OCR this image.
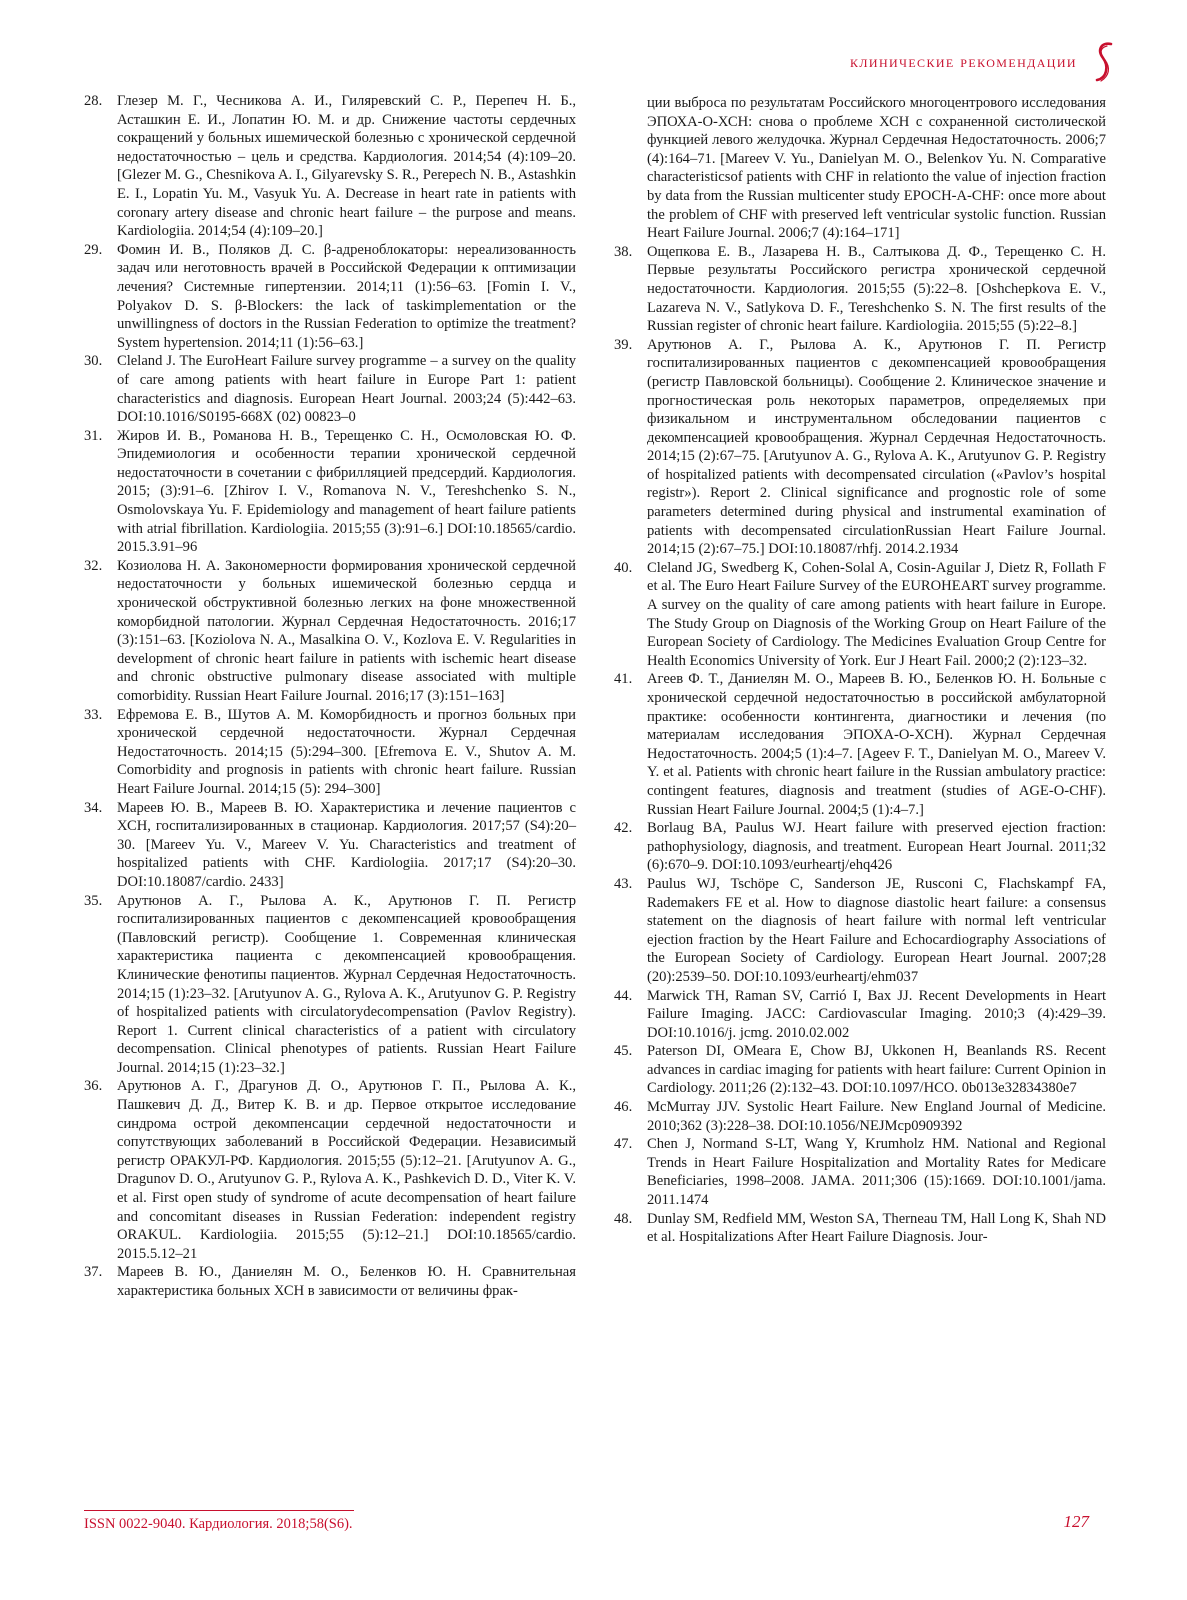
клинические рекомендации
28.	Глезер М. Г., Чесникова А. И., Гиляревский С. Р., Перепеч Н. Б., Асташкин Е. И., Лопатин Ю. М. и др. Снижение частоты сердечных сокращений у больных ишемической болезнью с хронической сердечной недостаточностью – цель и средства. Кардиология. 2014;54 (4):109–20. [Glezer M. G., Chesnikova A. I., Gilyarevsky S. R., Perepech N. B., Astashkin E. I., Lopatin Yu. M., Vasyuk Yu. A. Decrease in heart rate in patients with coronary artery disease and chronic heart failure – the purpose and means. Kardiologiia. 2014;54 (4):109–20.]
29.	Фомин И. В., Поляков Д. С. β-адреноблокаторы: нереализованность задач или неготовность врачей в Российской Федерации к оптимизации лечения? Системные гипертензии. 2014;11 (1):56–63. [Fomin I. V., Polyakov D. S. β-Blockers: the lack of taskimplementation or the unwillingness of doctors in the Russian Federation to optimize the treatment? System hypertension. 2014;11 (1):56–63.]
30.	Cleland J. The EuroHeart Failure survey programme – a survey on the quality of care among patients with heart failure in Europe Part 1: patient characteristics and diagnosis. European Heart Journal. 2003;24 (5):442–63. DOI:10.1016/S0195-668X (02) 00823–0
31.	Жиров И. В., Романова Н. В., Терещенко С. Н., Осмоловская Ю. Ф. Эпидемиология и особенности терапии хронической сердечной недостаточности в сочетании с фибрилляцией предсердий. Кардиология. 2015; (3):91–6. [Zhirov I. V., Romanova N. V., Tereshchenko S. N., Osmolovskaya Yu. F. Epidemiology and management of heart failure patients with atrial fibrillation. Kardiologiia. 2015;55 (3):91–6.] DOI:10.18565/cardio. 2015.3.91–96
32.	Козиолова Н. А. Закономерности формирования хронической сердечной недостаточности у больных ишемической болезнью сердца и хронической обструктивной болезнью легких на фоне множественной коморбидной патологии. Журнал Сердечная Недостаточность. 2016;17 (3):151–63. [Koziolova N. A., Masalkina O. V., Kozlova E. V. Regularities in development of chronic heart failure in patients with ischemic heart disease and chronic obstructive pulmonary disease associated with multiple comorbidity. Russian Heart Failure Journal. 2016;17 (3):151–163]
33.	Ефремова Е. В., Шутов А. М. Коморбидность и прогноз больных при хронической сердечной недостаточности. Журнал Сердечная Недостаточность. 2014;15 (5):294–300. [Efremova E. V., Shutov A. M. Comorbidity and prognosis in patients with chronic heart failure. Russian Heart Failure Journal. 2014;15 (5): 294–300]
34.	Мареев Ю. В., Мареев В. Ю. Характеристика и лечение пациентов с ХСН, госпитализированных в стационар. Кардиология. 2017;57 (S4):20–30. [Mareev Yu. V., Mareev V. Yu. Characteristics and treatment of hospitalized patients with CHF. Kardiologiia. 2017;17 (S4):20–30. DOI:10.18087/cardio. 2433]
35.	Арутюнов А. Г., Рылова А. К., Арутюнов Г. П. Регистр госпитализированных пациентов с декомпенсацией кровообращения (Павловский регистр). Сообщение 1. Современная клиническая характеристика пациента с декомпенсацией кровообращения. Клинические фенотипы пациентов. Журнал Сердечная Недостаточность. 2014;15 (1):23–32. [Arutyunov A. G., Rylova A. K., Arutyunov G. P. Registry of hospitalized patients with circulatorydecompensation (Pavlov Registry). Report 1. Current clinical characteristics of a patient with circulatory decompensation. Clinical phenotypes of patients. Russian Heart Failure Journal. 2014;15 (1):23–32.]
36.	Арутюнов А. Г., Драгунов Д. О., Арутюнов Г. П., Рылова А. К., Пашкевич Д. Д., Витер К. В. и др. Первое открытое исследование синдрома острой декомпенсации сердечной недостаточности и сопутствующих заболеваний в Российской Федерации. Независимый регистр ОРАКУЛ-РФ. Кардиология. 2015;55 (5):12–21. [Arutyunov A. G., Dragunov D. O., Arutyunov G. P., Rylova A. K., Pashkevich D. D., Viter K. V. et al. First open study of syndrome of acute decompensation of heart failure and concomitant diseases in Russian Federation: independent registry ORAKUL. Kardiologiia. 2015;55 (5):12–21.] DOI:10.18565/cardio. 2015.5.12–21
37.	Мареев В. Ю., Даниелян М. О., Беленков Ю. Н. Сравнительная характеристика больных ХСН в зависимости от величины фрак-
ции выброса по результатам Российского многоцентрового исследования ЭПОХА-О-ХСН: снова о проблеме ХСН с сохраненной систолической функцией левого желудочка. Журнал Сердечная Недостаточность. 2006;7 (4):164–71. [Mareev V. Yu., Danielyan M. O., Belenkov Yu. N. Comparative characteristicsof patients with CHF in relationto the value of injection fraction by data from the Russian multicenter study EPOCH-A-CHF: once more about the problem of CHF with preserved left ventricular systolic function. Russian Heart Failure Journal. 2006;7 (4):164–171]
38.	Ощепкова Е. В., Лазарева Н. В., Салтыкова Д. Ф., Терещенко С. Н. Первые результаты Российского регистра хронической сердечной недостаточности. Кардиология. 2015;55 (5):22–8. [Oshchepkova E. V., Lazareva N. V., Satlykova D. F., Tereshchenko S. N. The first results of the Russian register of chronic heart failure. Kardiologiia. 2015;55 (5):22–8.]
39.	Арутюнов А. Г., Рылова А. К., Арутюнов Г. П. Регистр госпитализированных пациентов с декомпенсацией кровообращения (регистр Павловской больницы). Сообщение 2. Клиническое значение и прогностическая роль некоторых параметров, определяемых при физикальном и инструментальном обследовании пациентов с декомпенсацией кровообращения. Журнал Сердечная Недостаточность. 2014;15 (2):67–75. [Arutyunov A. G., Rylova A. K., Arutyunov G. P. Registry of hospitalized patients with decompensated circulation («Pavlov’s hospital registr»). Report 2. Clinical significance and prognostic role of some parameters determined during physical and instrumental examination of patients with decompensated circulationRussian Heart Failure Journal. 2014;15 (2):67–75.] DOI:10.18087/rhfj. 2014.2.1934
40.	Cleland JG, Swedberg K, Cohen-Solal A, Cosin-Aguilar J, Dietz R, Follath F et al. The Euro Heart Failure Survey of the EUROHEART survey programme. A survey on the quality of care among patients with heart failure in Europe. The Study Group on Diagnosis of the Working Group on Heart Failure of the European Society of Cardiology. The Medicines Evaluation Group Centre for Health Economics University of York. Eur J Heart Fail. 2000;2 (2):123–32.
41.	Агеев Ф. Т., Даниелян М. О., Мареев В. Ю., Беленков Ю. Н. Больные с хронической сердечной недостаточностью в российской амбулаторной практике: особенности контингента, диагностики и лечения (по материалам исследования ЭПОХА-О-ХСН). Журнал Сердечная Недостаточность. 2004;5 (1):4–7. [Ageev F. T., Danielyan M. O., Mareev V. Y. et al. Patients with chronic heart failure in the Russian ambulatory practice: contingent features, diagnosis and treatment (studies of AGE-O-CHF). Russian Heart Failure Journal. 2004;5 (1):4–7.]
42.	Borlaug BA, Paulus WJ. Heart failure with preserved ejection fraction: pathophysiology, diagnosis, and treatment. European Heart Journal. 2011;32 (6):670–9. DOI:10.1093/eurheartj/ehq426
43.	Paulus WJ, Tschöpe C, Sanderson JE, Rusconi C, Flachskampf FA, Rademakers FE et al. How to diagnose diastolic heart failure: a consensus statement on the diagnosis of heart failure with normal left ventricular ejection fraction by the Heart Failure and Echocardiography Associations of the European Society of Cardiology. European Heart Journal. 2007;28 (20):2539–50. DOI:10.1093/eurheartj/ehm037
44.	Marwick TH, Raman SV, Carrió I, Bax JJ. Recent Developments in Heart Failure Imaging. JACC: Cardiovascular Imaging. 2010;3 (4):429–39. DOI:10.1016/j. jcmg. 2010.02.002
45.	Paterson DI, OMeara E, Chow BJ, Ukkonen H, Beanlands RS. Recent advances in cardiac imaging for patients with heart failure: Current Opinion in Cardiology. 2011;26 (2):132–43. DOI:10.1097/HCO. 0b013e32834380e7
46.	McMurray JJV. Systolic Heart Failure. New England Journal of Medicine. 2010;362 (3):228–38. DOI:10.1056/NEJMcp0909392
47.	Chen J, Normand S-LT, Wang Y, Krumholz HM. National and Regional Trends in Heart Failure Hospitalization and Mortality Rates for Medicare Beneficiaries, 1998–2008. JAMA. 2011;306 (15):1669. DOI:10.1001/jama. 2011.1474
48.	Dunlay SM, Redfield MM, Weston SA, Therneau TM, Hall Long K, Shah ND et al. Hospitalizations After Heart Failure Diagnosis. Jour-
ISSN 0022-9040. Кардиология. 2018;58(S6).	127
